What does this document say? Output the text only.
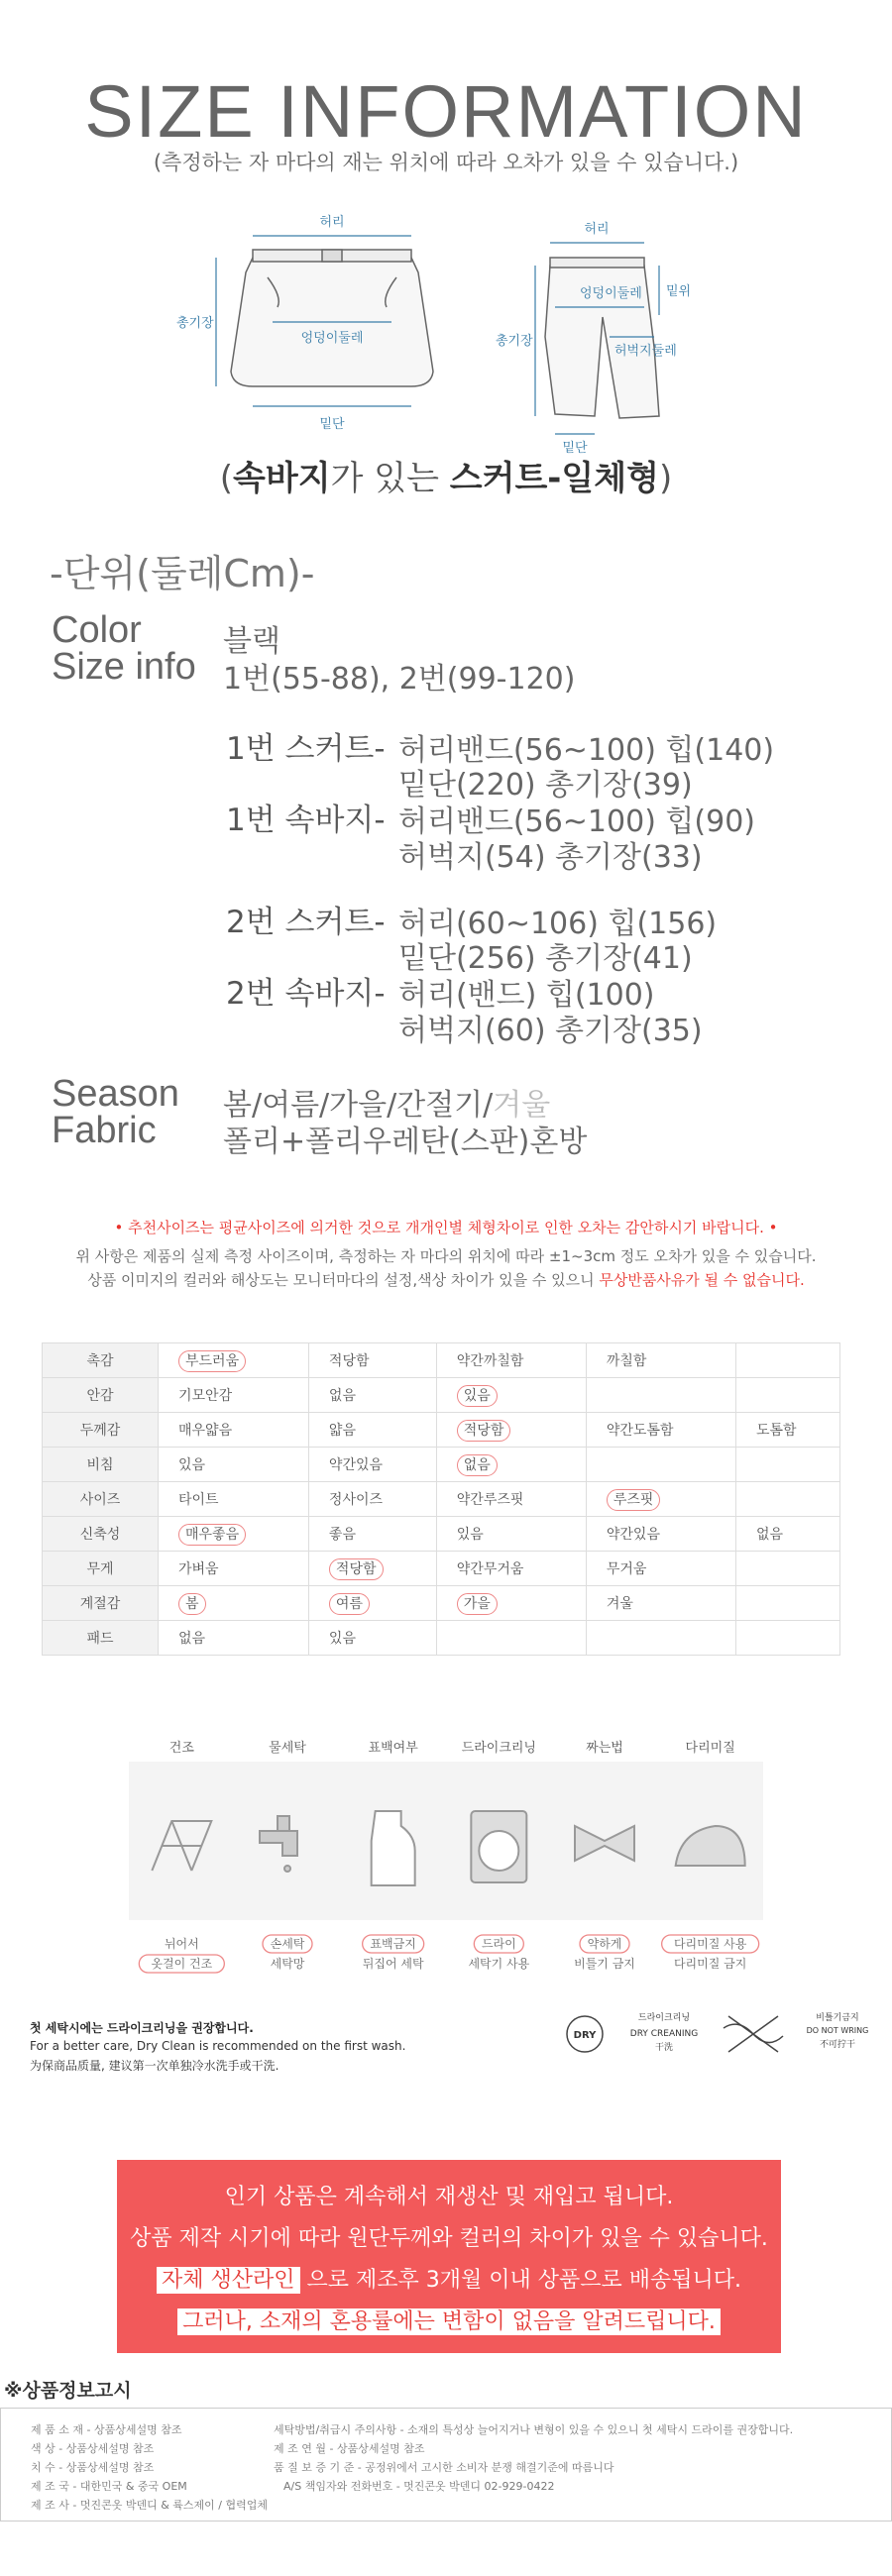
SIZE INFORMATION
(측정하는 자 마다의 재는 위치에 따라 오차가 있을 수 있습니다.)
허리
총기장
엉덩이둘레
밑단
허리
밑위
총기장
엉덩이둘레
허벅지둘레
밑단
(속바지가 있는 스커트-일체형)
-단위(둘레Cm)-
Color	블랙
Size info 1번(55-88), 2번(99-120)
1번 스커트- 허리밴드(56~100) 힙(140)
밑단(220) 총기장(39)
1번 속바지- 허리밴드(56~100) 힙(90)
허벅지(54) 총기장(33)
2번 스커트- 허리(60~106) 힙(156)
밑단(256) 총기장(41)
2번 속바지- 허리(밴드) 힙(100)
허벅지(60) 총기장(35)
Season 봄/여름/가을/간절기/겨울
Fabric 폴리+폴리우레탄(스판)혼방
• 추천사이즈는 평균사이즈에 의거한 것으로 개개인별 체형차이로 인한 오차는 감안하시기 바랍니다. •
위 사항은 제품의 실제 측정 사이즈이며, 측정하는 자 마다의 위치에 따라 ±1~3cm 정도 오차가 있을 수 있습니다.
상품 이미지의 컬러와 해상도는 모니터마다의 설정,색상 차이가 있을 수 있으니 무상반품사유가 될 수 없습니다.
촉감	부드러움	적당함	약간까칠함	까칠함	
안감	기모안감	없음	있음		
두께감	매우얇음	얇음	적당함	약간도톰함	도톰함
비침	있음	약간있음	없음		
사이즈	타이트	정사이즈	약간루즈핏	루즈핏	
신축성	매우좋음	좋음	있음	약간있음	없음
무게	가벼움	적당함	약간무거움	무거움	
계절감	봄	여름	가을	겨울	
패드	없음	있음			
건조
뉘어서
옷걸이 건조
물세탁
손세탁
세탁망
표백여부
표백금지
뒤집어 세탁
드라이크리닝
드라이
세탁기 사용
짜는법
약하게
비틀기 금지
다리미질
다리미질 사용
다리미질 금지
첫 세탁시에는 드라이크리닝을 권장합니다.
For a better care, Dry Clean is recommended on the first wash.
为保商品质量, 建议第一次单独冷水洗手或干洗.
DRY
드라이크리닝
DRY CREANING
干洗
비틀기금지
DO NOT WRING
不可拧干
인기 상품은 계속해서 재생산 및 재입고 됩니다.
상품 제작 시기에 따라 원단두께와 컬러의 차이가 있을 수 있습니다.
자체 생산라인 으로 제조후 3개월 이내 상품으로 배송됩니다.
그러나, 소재의 혼용률에는 변함이 없음을 알려드립니다.
※상품정보고시
제 품 소 재 - 상품상세설명 참조
색 상 - 상품상세설명 참조
치 수 - 상품상세설명 참조
제 조 국 - 대한민국 & 중국 OEM
제 조 사 - 멋진콘옷 박덴디 & 륙스제이 / 협력업체
세탁방법/취급시 주의사항 - 소재의 특성상 늘어지거나 변형이 있을 수 있으니 첫 세탁시 드라이를 권장합니다.
제 조 연 월 - 상품상세설명 참조
품 질 보 증 기 준 - 공정위에서 고시한 소비자 분쟁 해결기준에 따름니다
A/S 책임자와 전화번호 - 멋진콘옷 박덴디 02-929-0422
